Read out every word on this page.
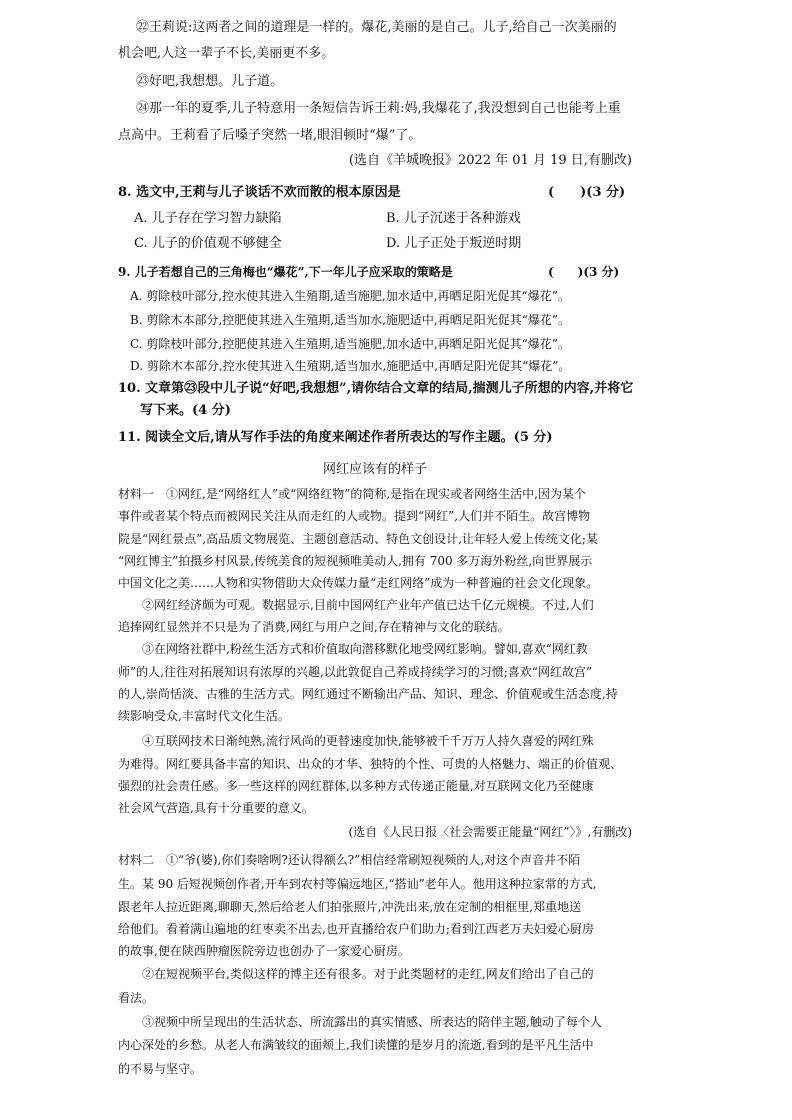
㉒王莉说:这两者之间的道理是一样的。爆花,美丽的是自己。儿子,给自己一次美丽的
机会吧,人这一辈子不长,美丽更不多。
㉓好吧,我想想。儿子道。
㉔那一年的夏季,儿子特意用一条短信告诉王莉:妈,我爆花了,我没想到自己也能考上重
点高中。王莉看了后嗓子突然一堵,眼泪顿时“爆”了。
(选自《羊城晚报》2022 年 01 月 19 日,有删改)
8. 选文中,王莉与儿子谈话不欢而散的根本原因是	(　　)(3 分)
A. 儿子存在学习智力缺陷	B. 儿子沉迷于各种游戏
C. 儿子的价值观不够健全	D. 儿子正处于叛逆时期
9. 儿子若想自己的三角梅也“爆花”,下一年儿子应采取的策略是	(　　)(3 分)
A. 剪除枝叶部分,控水使其进入生殖期,适当施肥,加水适中,再晒足阳光促其“爆花”。
B. 剪除木本部分,控肥使其进入生殖期,适当加水,施肥适中,再晒足阳光促其“爆花”。
C. 剪除枝叶部分,控肥使其进入生殖期,适当施肥,加水适中,再晒足阳光促其“爆花”。
D. 剪除木本部分,控水使其进入生殖期,适当加水,施肥适中,再晒足阳光促其“爆花”。
10. 文章第㉓段中儿子说“好吧,我想想”,请你结合文章的结局,揣测儿子所想的内容,并将它
写下来。(4 分)
11. 阅读全文后,请从写作手法的角度来阐述作者所表达的写作主题。(5 分)
网红应该有的样子
材料一　①网红,是“网络红人”或“网络红物”的简称,是指在现实或者网络生活中,因为某个
事件或者某个特点而被网民关注从而走红的人或物。提到“网红”,人们并不陌生。故宫博物
院是“网红景点”,高品质文物展览、主题创意活动、特色文创设计,让年轻人爱上传统文化;某
“网红博主”拍摄乡村风景,传统美食的短视频唯美动人,拥有 700 多万海外粉丝,向世界展示
中国文化之美……人物和实物借助大众传媒力量“走红网络”成为一种普遍的社会文化现象。
②网红经济颇为可观。数据显示,目前中国网红产业年产值已达千亿元规模。不过,人们
追捧网红显然并不只是为了消费,网红与用户之间,存在精神与文化的联结。
③在网络社群中,粉丝生活方式和价值取向潜移默化地受网红影响。譬如,喜欢“网红教
师”的人,往往对拓展知识有浓厚的兴趣,以此敦促自己养成持续学习的习惯;喜欢“网红故宫”
的人,崇尚恬淡、古雅的生活方式。网红通过不断输出产品、知识、理念、价值观或生活态度,持
续影响受众,丰富时代文化生活。
④互联网技术日渐纯熟,流行风尚的更替速度加快,能够被千千万万人持久喜爱的网红殊
为难得。网红要具备丰富的知识、出众的才华、独特的个性、可贵的人格魅力、端正的价值观、
强烈的社会责任感。多一些这样的网红群体,以多种方式传递正能量,对互联网文化乃至健康
社会风气营造,具有十分重要的意义。
(选自《人民日报〈社会需要正能量“网红”〉》,有删改)
材料二　①“爷(婆),你们奏啥咧?还认得额么?”相信经常刷短视频的人,对这个声音并不陌
生。某 90 后短视频创作者,开车到农村等偏远地区,“搭讪”老年人。他用这种拉家常的方式,
跟老年人拉近距离,聊聊天,然后给老人们拍张照片,冲洗出来,放在定制的相框里,郑重地送
给他们。看着满山遍地的红枣卖不出去,也开直播给农户们助力;看到江西老万夫妇爱心厨房
的故事,便在陕西肿瘤医院旁边也创办了一家爱心厨房。
②在短视频平台,类似这样的博主还有很多。对于此类题材的走红,网友们给出了自己的
看法。
③视频中所呈现出的生活状态、所流露出的真实情感、所表达的陪伴主题,触动了每个人
内心深处的乡愁。从老人布满皱纹的面颊上,我们读懂的是岁月的流逝,看到的是平凡生活中
的不易与坚守。
